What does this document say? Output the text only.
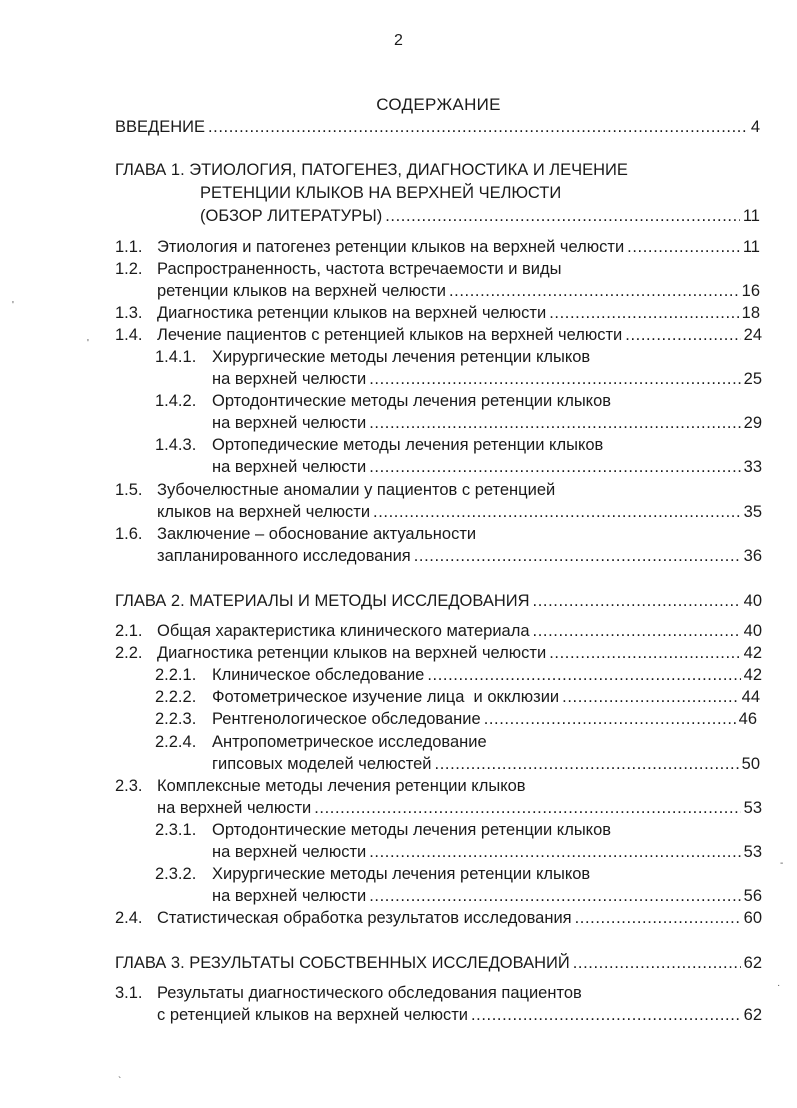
2
СОДЕРЖАНИЕ
ВВЕДЕНИЕ .....	4
ГЛАВА 1. ЭТИОЛОГИЯ, ПАТОГЕНЕЗ, ДИАГНОСТИКА И ЛЕЧЕНИЕ
РЕТЕНЦИИ КЛЫКОВ НА ВЕРХНЕЙ ЧЕЛЮСТИ
(ОБЗОР ЛИТЕРАТУРЫ) .....	11
1.1. Этиология и патогенез ретенции клыков на верхней челюсти .....	11
1.2. Распространенность, частота встречаемости и виды
ретенции клыков на верхней челюсти .....	16
1.3. Диагностика ретенции клыков на верхней челюсти .....	18
1.4. Лечение пациентов с ретенцией клыков на верхней челюсти .....	24
1.4.1. Хирургические методы лечения ретенции клыков
на верхней челюсти .....	25
1.4.2. Ортодонтические методы лечения ретенции клыков
на верхней челюсти .....	29
1.4.3. Ортопедические методы лечения ретенции клыков
на верхней челюсти .....	33
1.5. Зубочелюстные аномалии у пациентов с ретенцией
клыков на верхней челюсти .....	35
1.6. Заключение – обоснование актуальности
запланированного исследования .....	36
ГЛАВА 2. МАТЕРИАЛЫ И МЕТОДЫ ИССЛЕДОВАНИЯ .....	40
2.1. Общая характеристика клинического материала .....	40
2.2. Диагностика ретенции клыков на верхней челюсти .....	42
2.2.1. Клиническое обследование .....	42
2.2.2. Фотометрическое изучение лица  и окклюзии .....	44
2.2.3. Рентгенологическое обследование .....	46
2.2.4. Антропометрическое исследование
гипсовых моделей челюстей .....	50
2.3. Комплексные методы лечения ретенции клыков
на верхней челюсти .....	53
2.3.1. Ортодонтические методы лечения ретенции клыков
на верхней челюсти .....	53
2.3.2. Хирургические методы лечения ретенции клыков
на верхней челюсти .....	56
2.4. Статистическая обработка результатов исследования .....	60
ГЛАВА 3. РЕЗУЛЬТАТЫ СОБСТВЕННЫХ ИССЛЕДОВАНИЙ .....	62
3.1. Результаты диагностического обследования пациентов
с ретенцией клыков на верхней челюсти .....	62
'
'
-
·
`
